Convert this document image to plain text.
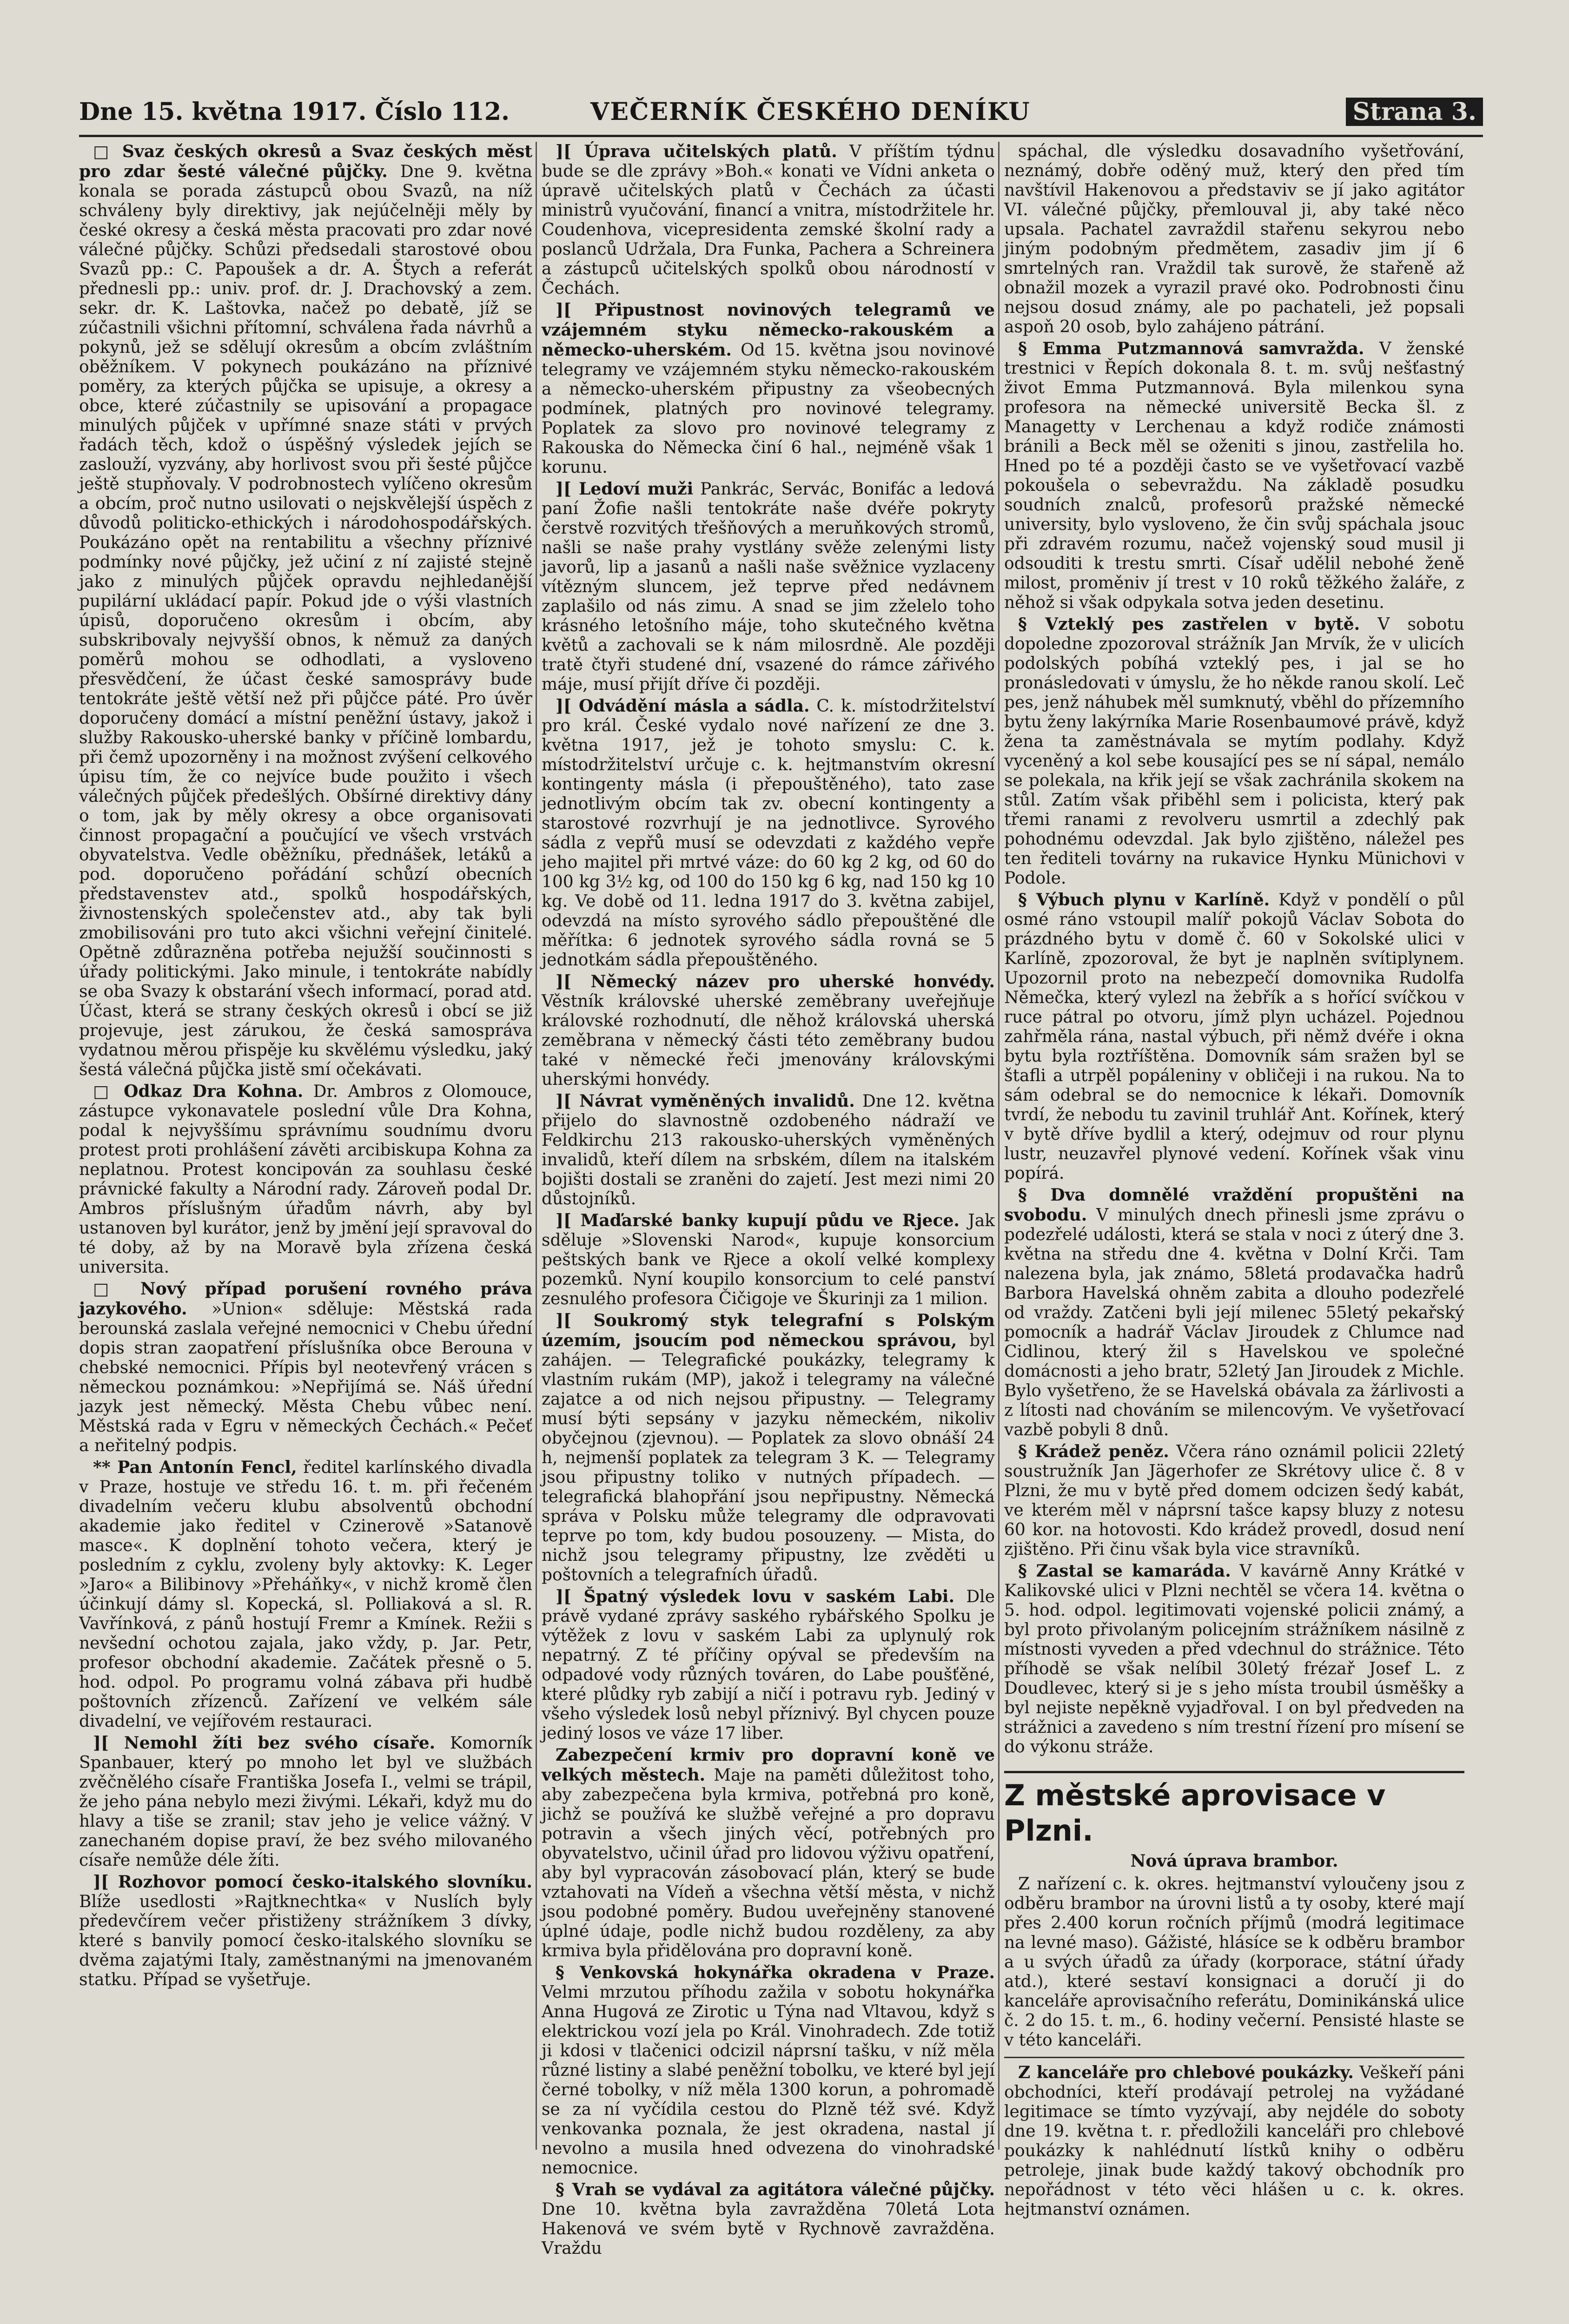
Dne 15. května 1917. Číslo 112.	VEČERNÍK ČESKÉHO DENÍKU	Strana 3.

□ Svaz českých okresů a Svaz českých měst pro zdar šesté válečné půjčky. Dne 9. května konala se porada zástupců obou Svazů, na níž schváleny byly direktivy, jak nejúčelněji měly by české okresy a česká města pracovati pro zdar nové válečné půjčky. Schůzi předsedali starostové obou Svazů pp.: C. Papoušek a dr. A. Štych a referát přednesli pp.: univ. prof. dr. J. Drachovský a zem. sekr. dr. K. Laštovka, načež po debatě, jíž se zúčastnili všichni přítomní, schválena řada návrhů a pokynů, jež se sdělují okresům a obcím zvláštním oběžníkem. V pokynech poukázáno na příznivé poměry, za kterých půjčka se upisuje, a okresy a obce, které zúčastnily se upisování a propagace minulých půjček v upřímné snaze státi v prvých řadách těch, kdož o úspěšný výsledek jejích se zaslouží, vyzvány, aby horlivost svou při šesté půjčce ještě stupňovaly. V podrobnostech vylíčeno okresům a obcím, proč nutno usilovati o nejskvělejší úspěch z důvodů politicko-ethických i národohospodářských. Poukázáno opět na rentabilitu a všechny příznivé podmínky nové půjčky, jež učiní z ní zajisté stejně jako z minulých půjček opravdu nejhledanější pupilární ukládací papír. Pokud jde o výši vlastních úpisů, doporučeno okresům i obcím, aby subskribovaly nejvyšší obnos, k němuž za daných poměrů mohou se odhodlati, a vysloveno přesvědčení, že účast české samosprávy bude tentokráte ještě větší než při půjčce páté. Pro úvěr doporučeny domácí a místní peněžní ústavy, jakož i služby Rakousko-uherské banky v příčině lombardu, při čemž upozorněny i na možnost zvýšení celkového úpisu tím, že co nejvíce bude použito i všech válečných půjček předešlých. Obšírné direktivy dány o tom, jak by měly okresy a obce organisovati činnost propagační a poučující ve všech vrstvách obyvatelstva. Vedle oběžníku, přednášek, letáků a pod. doporučeno pořádání schůzí obecních představenstev atd., spolků hospodářských, živnostenských společenstev atd., aby tak byli zmobilisováni pro tuto akci všichni veřejní činitelé. Opětně zdůrazněna potřeba nejužší součinnosti s úřady politickými. Jako minule, i tentokráte nabídly se oba Svazy k obstarání všech informací, porad atd. Účast, která se strany českých okresů i obcí se již projevuje, jest zárukou, že česká samospráva vydatnou měrou přispěje ku skvělému výsledku, jaký šestá válečná půjčka jistě smí očekávati.

□ Odkaz Dra Kohna. Dr. Ambros z Olomouce, zástupce vykonavatele poslední vůle Dra Kohna, podal k nejvyššímu správnímu soudnímu dvoru protest proti prohlášení závěti arcibiskupa Kohna za neplatnou. Protest koncipován za souhlasu české právnické fakulty a Národní rady. Zároveň podal Dr. Ambros příslušným úřadům návrh, aby byl ustanoven byl kurátor, jenž by jmění její spravoval do té doby, až by na Moravě byla zřízena česká universita.

□ Nový případ porušení rovného práva jazykového. »Union« sděluje: Městská rada berounská zaslala veřejné nemocnici v Chebu úřední dopis stran zaopatření příslušníka obce Berouna v chebské nemocnici. Přípis byl neotevřený vrácen s německou poznámkou: »Nepřijímá se. Náš úřední jazyk jest německý. Města Chebu vůbec není. Městská rada v Egru v německých Čechách.« Pečeť a neřitelný podpis.

** Pan Antonín Fencl, ředitel karlínského divadla v Praze, hostuje ve středu 16. t. m. při řečeném divadelním večeru klubu absolventů obchodní akademie jako ředitel v Czinerově »Satanově masce«. K doplnění tohoto večera, který je posledním z cyklu, zvoleny byly aktovky: K. Leger »Jaro« a Bilibinovy »Přeháňky«, v nichž kromě člen účinkují dámy sl. Kopecká, sl. Polliaková a sl. R. Vavřínková, z pánů hostují Fremr a Kmínek. Režii s nevšední ochotou zajala, jako vždy, p. Jar. Petr, profesor obchodní akademie. Začátek přesně o 5. hod. odpol. Po programu volná zábava při hudbě poštovních zřízenců. Zařízení ve velkém sále divadelní, ve vejířovém restauraci.

][ Nemohl žíti bez svého císaře. Komorník Spanbauer, který po mnoho let byl ve službách zvěčnělého císaře Františka Josefa I., velmi se trápil, že jeho pána nebylo mezi živými. Lékaři, když mu do hlavy a tiše se zranil; stav jeho je velice vážný. V zanechaném dopise praví, že bez svého milovaného císaře nemůže déle žíti.

][ Rozhovor pomocí česko-italského slovníku. Blíže usedlosti »Rajtknechtka« v Nuslích byly předevčírem večer přistiženy strážníkem 3 dívky, které s banvily pomocí česko-italského slovníku se dvěma zajatými Italy, zaměstnanými na jmenovaném statku. Případ se vyšetřuje.

][ Úprava učitelských platů. V příštím týdnu bude se dle zprávy »Boh.« konati ve Vídni anketa o úpravě učitelských platů v Čechách za účasti ministrů vyučování, financí a vnitra, místodržitele hr. Coudenhova, vicepresidenta zemské školní rady a poslanců Udržala, Dra Funka, Pachera a Schreinera a zástupců učitelských spolků obou národností v Čechách.

][ Připustnost novinových telegramů ve vzájemném styku německo-rakouském a německo-uherském. Od 15. května jsou novinové telegramy ve vzájemném styku německo-rakouském a německo-uherském připustny za všeobecných podmínek, platných pro novinové telegramy. Poplatek za slovo pro novinové telegramy z Rakouska do Německa činí 6 hal., nejméně však 1 korunu.

][ Ledoví muži Pankrác, Servác, Bonifác a ledová paní Žofie našli tentokráte naše dvéře pokryty čerstvě rozvitých třešňových a meruňkových stromů, našli se naše prahy vystlány svěže zelenými listy javorů, lip a jasanů a našli naše svěžnice vyzlaceny vítězným sluncem, jež teprve před nedávnem zaplašilo od nás zimu. A snad se jim zželelo toho krásného letošního máje, toho skutečného května květů a zachovali se k nám milosrdně. Ale později tratě čtyři studené dní, vsazené do rámce zářivého máje, musí přijít dříve či později.

][ Odvádění másla a sádla. C. k. místodržitelství pro král. České vydalo nové nařízení ze dne 3. května 1917, jež je tohoto smyslu: C. k. místodržitelství určuje c. k. hejtmanstvím okresní kontingenty másla (i přepouštěného), tato zase jednotlivým obcím tak zv. obecní kontingenty a starostové rozvrhují je na jednotlivce. Syrového sádla z vepřů musí se odevzdati z každého vepře jeho majitel při mrtvé váze: do 60 kg 2 kg, od 60 do 100 kg 3½ kg, od 100 do 150 kg 6 kg, nad 150 kg 10 kg. Ve době od 11. ledna 1917 do 3. května zabijel, odevzdá na místo syrového sádlo přepouštěné dle měřítka: 6 jednotek syrového sádla rovná se 5 jednotkám sádla přepouštěného.

][ Německý název pro uherské honvédy. Věstník královské uherské zeměbrany uveřejňuje královské rozhodnutí, dle něhož královská uherská zeměbrana v německý části této zeměbrany budou také v německé řeči jmenovány královskými uherskými honvédy.

][ Návrat vyměněných invalidů. Dne 12. května přijelo do slavnostně ozdobeného nádraží ve Feldkirchu 213 rakousko-uherských vyměněných invalidů, kteří dílem na srbském, dílem na italském bojišti dostali se zraněni do zajetí. Jest mezi nimi 20 důstojníků.

][ Maďarské banky kupují půdu ve Rjece. Jak sděluje »Slovenski Narod«, kupuje konsorcium peštských bank ve Rjece a okolí velké komplexy pozemků. Nyní koupilo konsorcium to celé panství zesnulého profesora Čičigoje ve Škurinji za 1 milion.

][ Soukromý styk telegrafní s Polským územím, jsoucím pod německou správou, byl zahájen. — Telegrafické poukázky, telegramy k vlastním rukám (MP), jakož i telegramy na válečné zajatce a od nich nejsou připustny. — Telegramy musí býti sepsány v jazyku německém, nikoliv obyčejnou (zjevnou). — Poplatek za slovo obnáší 24 h, nejmenší poplatek za telegram 3 K. — Telegramy jsou připustny toliko v nutných případech. — telegrafická blahopřání jsou nepřipustny. Německá správa v Polsku může telegramy dle odpravovati teprve po tom, kdy budou posouzeny. — Mista, do nichž jsou telegramy připustny, lze zvěděti u poštovních a telegrafních úřadů.

][ Špatný výsledek lovu v saském Labi. Dle právě vydané zprávy saského rybářského Spolku je výtěžek z lovu v saském Labi za uplynulý rok nepatrný. Z té příčiny opýval se především na odpadové vody různých továren, do Labe poušťěné, které plůdky ryb zabijí a ničí i potravu ryb. Jediný v všeho výsledek losů nebyl příznivý. Byl chycen pouze jediný losos ve váze 17 liber.

Zabezpečení krmiv pro dopravní koně ve velkých městech. Maje na paměti důležitost toho, aby zabezpečena byla krmiva, potřebná pro koně, jichž se používá ke službě veřejné a pro dopravu potravin a všech jiných věcí, potřebných pro obyvatelstvo, učinil úřad pro lidovou výživu opatření, aby byl vypracován zásobovací plán, který se bude vztahovati na Vídeň a všechna větší města, v nichž jsou podobné poměry. Budou uveřejněny stanovené úplné údaje, podle nichž budou rozděleny, za aby krmiva byla přidělována pro dopravní koně.

§ Venkovská hokynářka okradena v Praze. Velmi mrzutou příhodu zažila v sobotu hokynářka Anna Hugová ze Zirotic u Týna nad Vltavou, když s elektrickou vozí jela po Král. Vinohradech. Zde totiž ji kdosi v tlačenici odcizil náprsní tašku, v níž měla různé listiny a slabé peněžní tobolku, ve které byl její černé tobolky, v níž měla 1300 korun, a pohromadě se za ní vyčídila cestou do Plzně též své. Když venkovanka poznala, že jest okradena, nastal jí nevolno a musila hned odvezena do vinohradské nemocnice.

§ Vrah se vydával za agitátora válečné půjčky. Dne 10. května byla zavražděna 70letá Lota Hakenová ve svém bytě v Rychnově zavražděna. Vraždu

spáchal, dle výsledku dosavadního vyšetřování, neznámý, dobře oděný muž, který den před tím navštívil Hakenovou a představiv se jí jako agitátor VI. válečné půjčky, přemlouval ji, aby také něco upsala. Pachatel zavraždil stařenu sekyrou nebo jiným podobným předmětem, zasadiv jim jí 6 smrtelných ran. Vraždil tak surově, že stařeně až obnažil mozek a vyrazil pravé oko. Podrobnosti činu nejsou dosud známy, ale po pachateli, jež popsali aspoň 20 osob, bylo zahájeno pátrání.

§ Emma Putzmannová samvražda. V ženské trestnici v Řepích dokonala 8. t. m. svůj nešťastný život Emma Putzmannová. Byla milenkou syna profesora na německé universitě Becka šl. z Managetty v Lerchenau a když rodiče známosti bránili a Beck měl se oženiti s jinou, zastřelila ho. Hned po té a později často se ve vyšetřovací vazbě pokoušela o sebevraždu. Na základě posudku soudních znalců, profesorů pražské německé university, bylo vysloveno, že čin svůj spáchala jsouc při zdravém rozumu, načež vojenský soud musil ji odsouditi k trestu smrti. Císař udělil nebohé ženě milost, proměniv jí trest v 10 roků těžkého žaláře, z něhož si však odpykala sotva jeden desetinu.

§ Vzteklý pes zastřelen v bytě. V sobotu dopoledne zpozoroval strážník Jan Mrvík, že v ulicích podolských pobíhá vzteklý pes, i jal se ho pronásledovati v úmyslu, že ho někde ranou skolí. Leč pes, jenž náhubek měl sumknutý, vběhl do přízemního bytu ženy lakýrníka Marie Rosenbaumové právě, když žena ta zaměstnávala se mytím podlahy. Když vyceněný a kol sebe kousající pes se ní sápal, nemálo se polekala, na křik její se však zachránila skokem na stůl. Zatím však přiběhl sem i policista, který pak třemi ranami z revolveru usmrtil a zdechlý pak pohodnému odevzdal. Jak bylo zjištěno, náležel pes ten řediteli továrny na rukavice Hynku Münichovi v Podole.

§ Výbuch plynu v Karlíně. Když v pondělí o půl osmé ráno vstoupil malíř pokojů Václav Sobota do prázdného bytu v domě č. 60 v Sokolské ulici v Karlíně, zpozoroval, že byt je naplněn svítiplynem. Upozornil proto na nebezpečí domovnika Rudolfa Němečka, který vylezl na žebřík a s hořící svíčkou v ruce pátral po otvoru, jímž plyn ucházel. Pojednou zahřměla rána, nastal výbuch, při němž dvéře i okna bytu byla roztříštěna. Domovník sám sražen byl se štafli a utrpěl popáleniny v obličeji i na rukou. Na to sám odebral se do nemocnice k lékaři. Domovník tvrdí, že nebodu tu zavinil truhlář Ant. Kořínek, který v bytě dříve bydlil a který, odejmuv od rour plynu lustr, neuzavřel plynové vedení. Kořínek však vinu popírá.

§ Dva domnělé vraždění propuštěni na svobodu. V minulých dnech přinesli jsme zprávu o podezřelé události, která se stala v noci z úterý dne 3. května na středu dne 4. května v Dolní Krči. Tam nalezena byla, jak známo, 58letá prodavačka hadrů Barbora Havelská ohněm zabita a dlouho podezřelé od vraždy. Zatčeni byli její milenec 55letý pekařský pomocník a hadrář Václav Jiroudek z Chlumce nad Cidlinou, který žil s Havelskou ve společné domácnosti a jeho bratr, 52letý Jan Jiroudek z Michle. Bylo vyšetřeno, že se Havelská obávala za žárlivosti a z lítosti nad chováním se milencovým. Ve vyšetřovací vazbě pobyli 8 dnů.

§ Krádež peněz. Včera ráno oznámil policii 22letý soustružník Jan Jägerhofer ze Skrétovy ulice č. 8 v Plzni, že mu v bytě před domem odcizen šedý kabát, ve kterém měl v náprsní tašce kapsy bluzy z notesu 60 kor. na hotovosti. Kdo krádež provedl, dosud není zjištěno. Při činu však byla vice stravníků.

§ Zastal se kamaráda. V kavárně Anny Krátké v Kalikovské ulici v Plzni nechtěl se včera 14. května o 5. hod. odpol. legitimovati vojenské policii známý, a byl proto přivolaným policejním strážníkem násilně z místnosti vyveden a před vdechnul do strážnice. Této příhodě se však nelíbil 30letý frézař Josef L. z Doudlevec, který si je s jeho místa troubil úsměšky a byl nejiste nepěkně vyjadřoval. I on byl předveden na strážnici a zavedeno s ním trestní řízení pro mísení se do výkonu stráže.

Z městské aprovisace v Plzni.
Nová úprava brambor.

Z nařízení c. k. okres. hejtmanství vyloučeny jsou z odběru brambor na úrovni listů a ty osoby, které mají přes 2.400 korun ročních příjmů (modrá legitimace na levné maso). Gážisté, hlásíce se k odběru brambor a u svých úřadů za úřady (korporace, státní úřady atd.), které sestaví konsignaci a doručí ji do kanceláře aprovisačního referátu, Dominikánská ulice č. 2 do 15. t. m., 6. hodiny večerní. Pensisté hlaste se v této kanceláři.

Z kanceláře pro chlebové poukázky. Veškeří páni obchodníci, kteří prodávají petrolej na vyžádané legitimace se tímto vyzývají, aby nejdéle do soboty dne 19. května t. r. předložili kanceláři pro chlebové poukázky k nahlédnutí lístků knihy o odběru petroleje, jinak bude každý takový obchodník pro nepořádnost v této věci hlášen u c. k. okres. hejtmanství oznámen.
